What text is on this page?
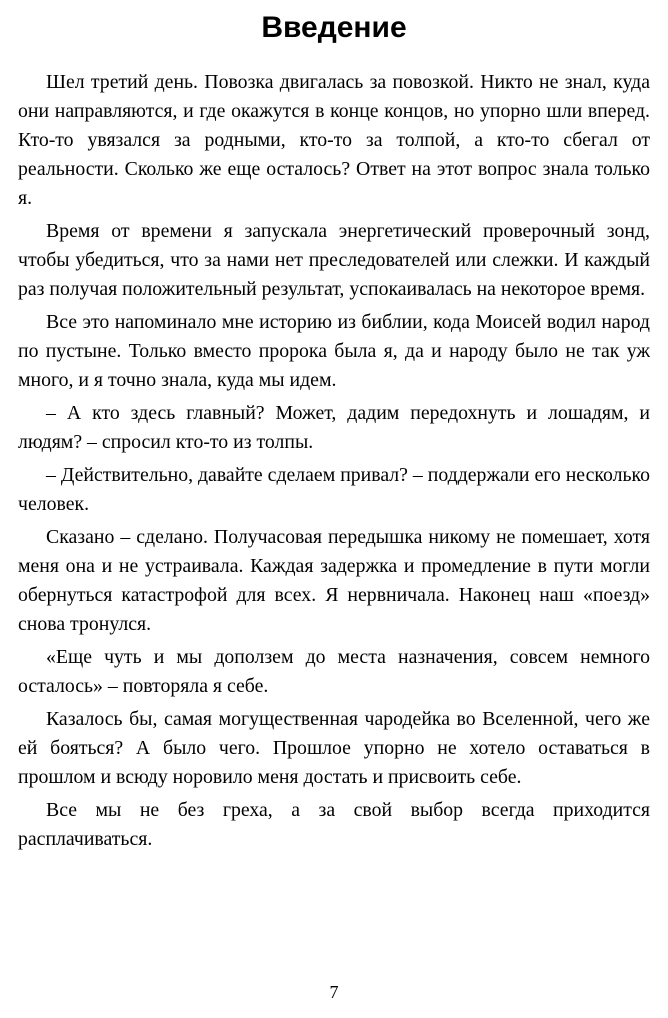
Введение

Шел третий день. Повозка двигалась за повозкой. Никто не знал, куда они направляются, и где окажутся в конце концов, но упорно шли вперед. Кто-то увязался за родными, кто-то за толпой, а кто-то сбегал от реальности. Сколько же еще осталось? Ответ на этот вопрос знала только я.

Время от времени я запускала энергетический проверочный зонд, чтобы убедиться, что за нами нет преследователей или слежки. И каждый раз получая положительный результат, успокаивалась на некоторое время.

Все это напоминало мне историю из библии, кода Моисей водил народ по пустыне. Только вместо пророка была я, да и народу было не так уж много, и я точно знала, куда мы идем.

– А кто здесь главный? Может, дадим передохнуть и лошадям, и людям? – спросил кто-то из толпы.

– Действительно, давайте сделаем привал? – поддержали его несколько человек.

Сказано – сделано. Получасовая передышка никому не помешает, хотя меня она и не устраивала. Каждая задержка и промедление в пути могли обернуться катастрофой для всех. Я нервничала. Наконец наш «поезд» снова тронулся.

«Еще чуть и мы доползем до места назначения, совсем немного осталось» – повторяла я себе.

Казалось бы, самая могущественная чародейка во Вселенной, чего же ей бояться? А было чего. Прошлое упорно не хотело оставаться в прошлом и всюду норовило меня достать и присвоить себе.

Все мы не без греха, а за свой выбор всегда приходится расплачиваться.

7
